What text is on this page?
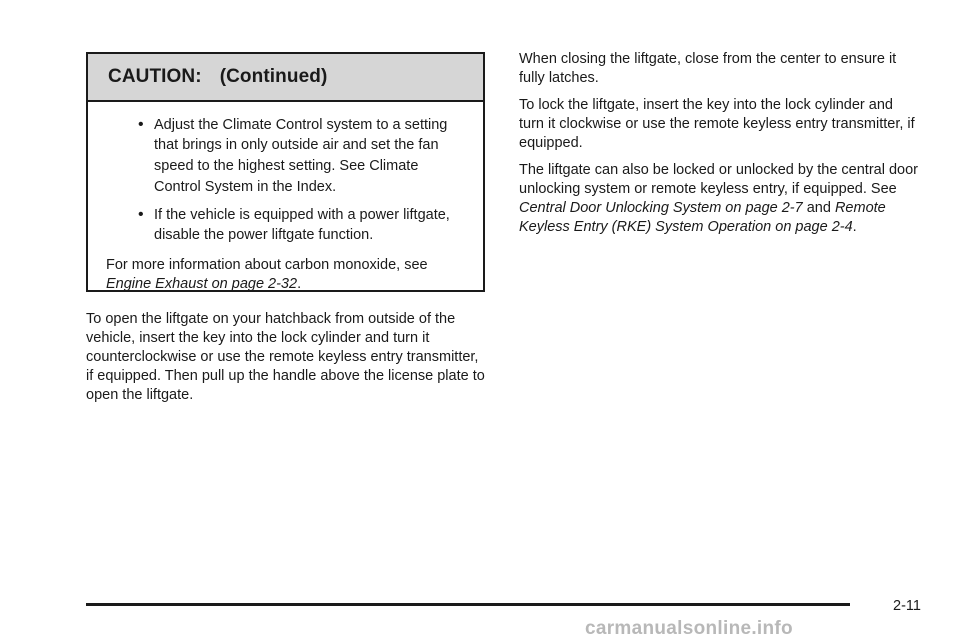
CAUTION: (Continued)
• Adjust the Climate Control system to a setting
that brings in only outside air and set the fan speed to the highest setting. See Climate Control System in the Index.
• If the vehicle is equipped with a power liftgate,
disable the power liftgate function.
For more information about carbon monoxide, see Engine Exhaust on page 2-32.
To open the liftgate on your hatchback from outside of the vehicle, insert the key into the lock cylinder and turn it counterclockwise or use the remote keyless entry transmitter, if equipped. Then pull up the handle above the license plate to open the liftgate.

When closing the liftgate, close from the center to ensure it fully latches.

To lock the liftgate, insert the key into the lock cylinder and turn it clockwise or use the remote keyless entry transmitter, if equipped.

The liftgate can also be locked or unlocked by the central door unlocking system or remote keyless entry, if equipped. See Central Door Unlocking System on page 2-7 and Remote Keyless Entry (RKE) System Operation on page 2-4.

2-11
carmanualsonline.info
